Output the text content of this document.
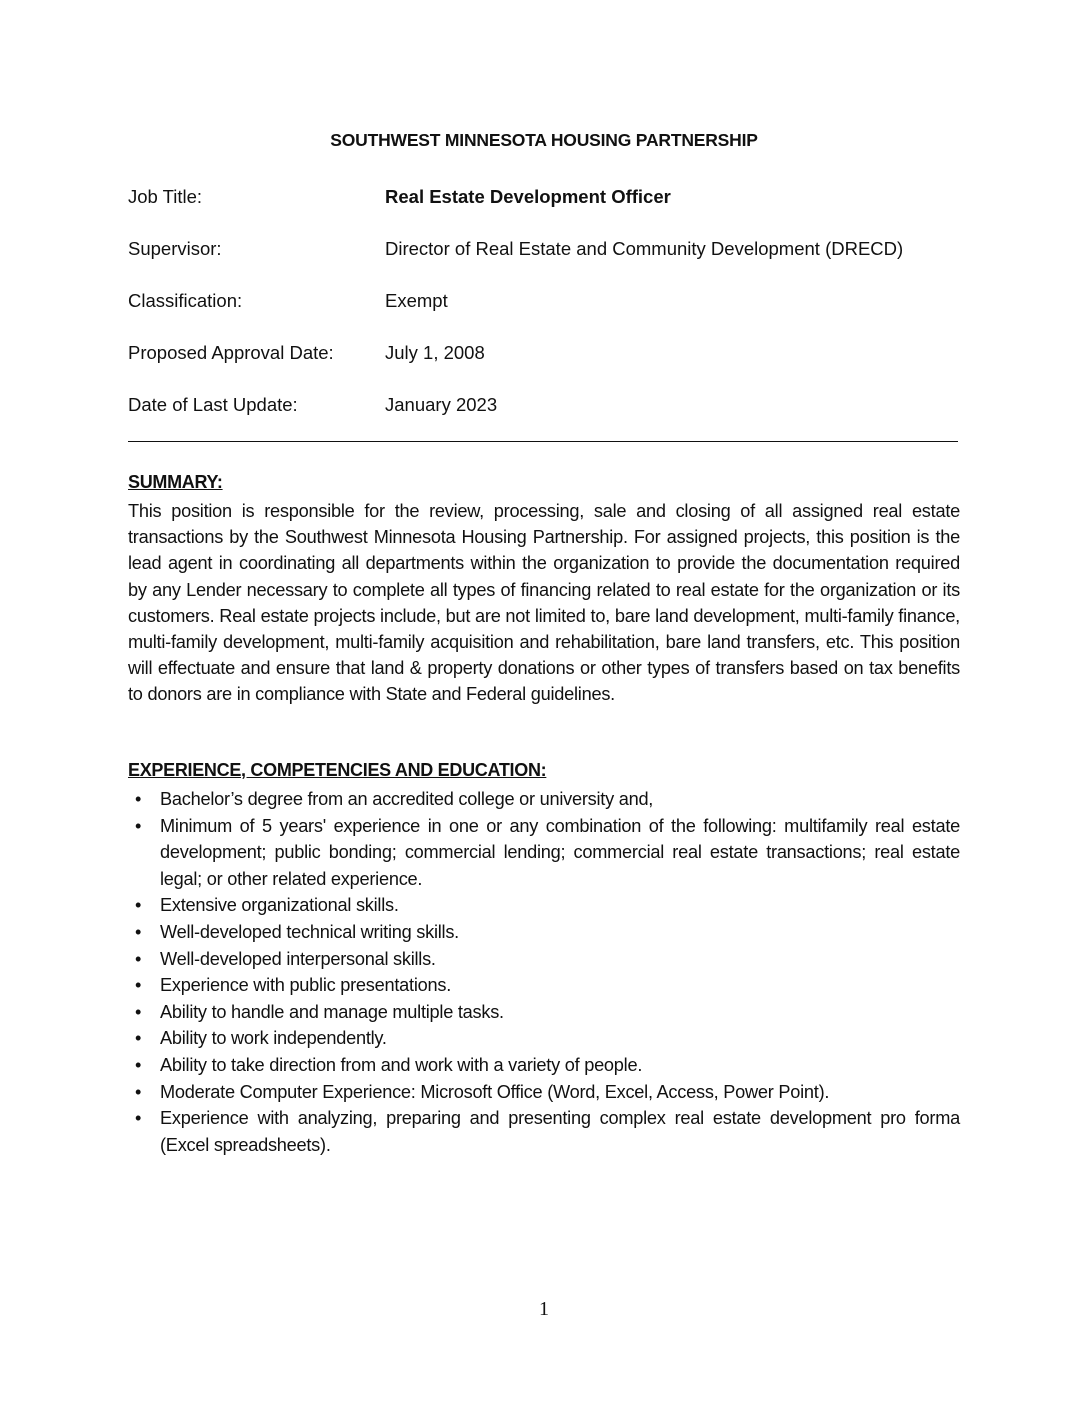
SOUTHWEST MINNESOTA HOUSING PARTNERSHIP
Job Title:	Real Estate Development Officer
Supervisor:	Director of Real Estate and Community Development (DRECD)
Classification:	Exempt
Proposed Approval Date:	July 1, 2008
Date of Last Update:	January 2023
SUMMARY:

This position is responsible for the review, processing, sale and closing of all assigned real estate transactions by the Southwest Minnesota Housing Partnership. For assigned projects, this position is the lead agent in coordinating all departments within the organization to provide the documentation required by any Lender necessary to complete all types of financing related to real estate for the organization or its customers. Real estate projects include, but are not limited to, bare land development, multi-family finance, multi-family development, multi-family acquisition and rehabilitation, bare land transfers, etc. This position will effectuate and ensure that land & property donations or other types of transfers based on tax benefits to donors are in compliance with State and Federal guidelines.

EXPERIENCE, COMPETENCIES AND EDUCATION:
•	Bachelor’s degree from an accredited college or university and,
•	Minimum of 5 years' experience in one or any combination of the following: multifamily real estate development; public bonding; commercial lending; commercial real estate transactions; real estate legal; or other related experience.
•	Extensive organizational skills.
•	Well-developed technical writing skills.
•	Well-developed interpersonal skills.
•	Experience with public presentations.
•	Ability to handle and manage multiple tasks.
•	Ability to work independently.
•	Ability to take direction from and work with a variety of people.
•	Moderate Computer Experience: Microsoft Office (Word, Excel, Access, Power Point).
•	Experience with analyzing, preparing and presenting complex real estate development pro forma (Excel spreadsheets).
1
